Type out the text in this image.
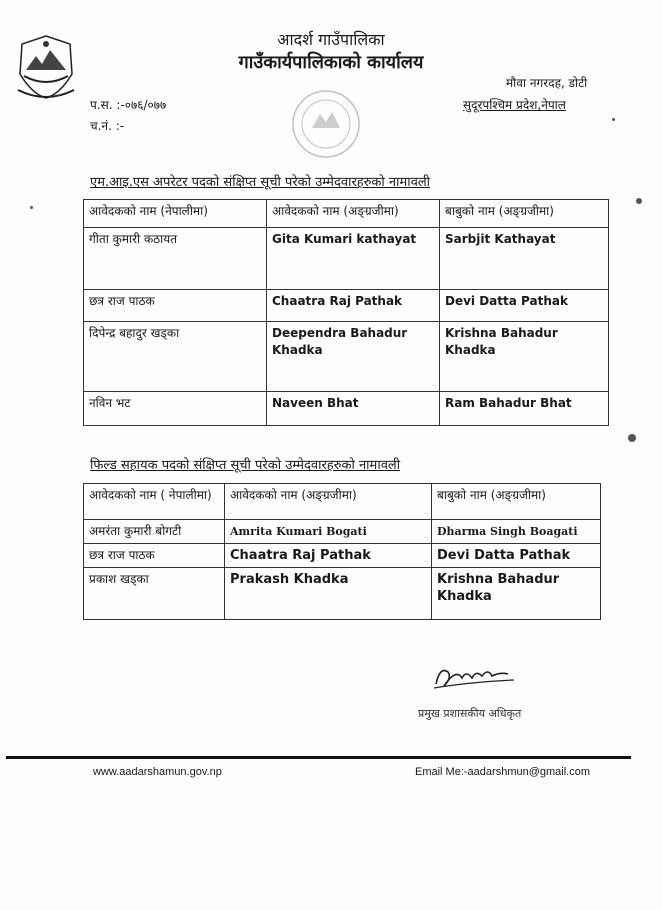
आदर्श गाउँपालिका
गाउँकार्यपालिकाको कार्यालय
मौवा नगरदह, डोटी
सुदूरपश्चिम प्रदेश,नेपाल
प.स. :-०७६/०७७
च.नं. :-
एम.आइ.एस अपरेटर पदको संक्षिप्त सूची परेको उम्मेदवारहरुको नामावली
आवेदकको नाम (नेपालीमा)	आवेदकको नाम (अङ्ग्रजीमा)	बाबुको नाम (अङ्ग्रजीमा)
गीता कुमारी कठायत	Gita Kumari kathayat	Sarbjit Kathayat
छत्र राज पाठक	Chaatra Raj Pathak	Devi Datta Pathak
दिपेन्द्र बहादुर खड्का	Deependra Bahadur Khadka	Krishna Bahadur Khadka
नविन भट	Naveen Bhat	Ram Bahadur Bhat
फिल्ड सहायक पदको संक्षिप्त सूची परेको उम्मेदवारहरुको नामावली
आवेदकको नाम ( नेपालीमा)	आवेदकको नाम (अङ्ग्रजीमा)	बाबुको नाम (अङ्ग्रजीमा)
अमरंता कुमारी बोगटी	Amrita Kumari Bogati	Dharma Singh Boagati
छत्र राज पाठक	Chaatra Raj Pathak	Devi Datta Pathak
प्रकाश खड्का	Prakash Khadka	Krishna Bahadur Khadka
प्रमुख प्रशासकीय अधिकृत
www.aadarshamun.gov.np	Email Me:-aadarshmun@gmail.com
